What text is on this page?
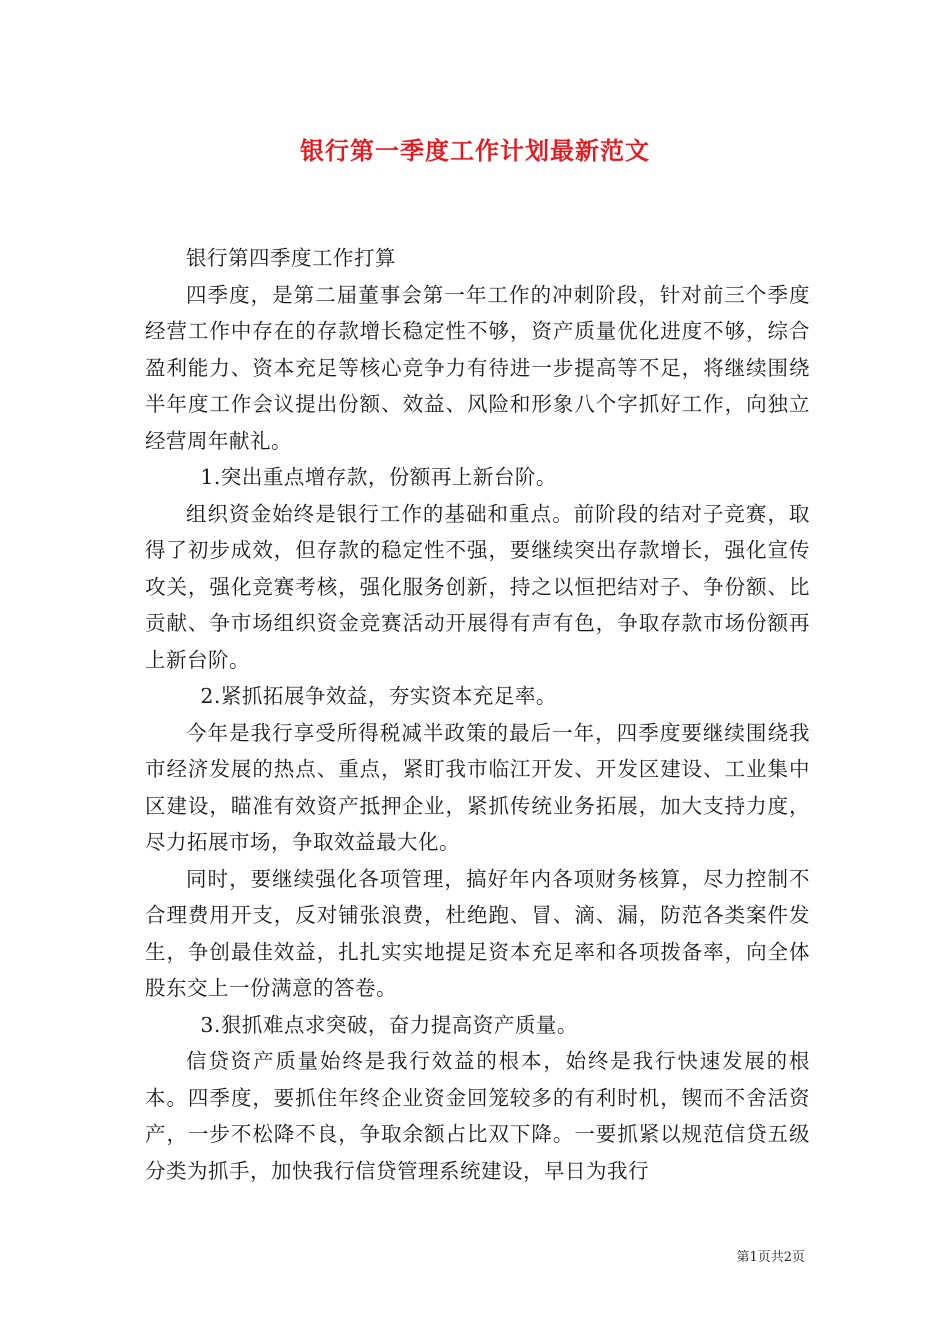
银行第一季度工作计划最新范文

银行第四季度工作打算

四季度，是第二届董事会第一年工作的冲刺阶段，针对前三个季度经营工作中存在的存款增长稳定性不够，资产质量优化进度不够，综合盈利能力、资本充足等核心竞争力有待进一步提高等不足，将继续围绕半年度工作会议提出份额、效益、风险和形象八个字抓好工作，向独立经营周年献礼。

1.突出重点增存款，份额再上新台阶。

组织资金始终是银行工作的基础和重点。前阶段的结对子竞赛，取得了初步成效，但存款的稳定性不强，要继续突出存款增长，强化宣传攻关，强化竞赛考核，强化服务创新，持之以恒把结对子、争份额、比贡献、争市场组织资金竞赛活动开展得有声有色，争取存款市场份额再上新台阶。

2.紧抓拓展争效益，夯实资本充足率。

今年是我行享受所得税减半政策的最后一年，四季度要继续围绕我市经济发展的热点、重点，紧盯我市临江开发、开发区建设、工业集中区建设，瞄准有效资产抵押企业，紧抓传统业务拓展，加大支持力度，尽力拓展市场，争取效益最大化。

同时，要继续强化各项管理，搞好年内各项财务核算，尽力控制不合理费用开支，反对铺张浪费，杜绝跑、冒、滴、漏，防范各类案件发生，争创最佳效益，扎扎实实地提足资本充足率和各项拨备率，向全体股东交上一份满意的答卷。

3.狠抓难点求突破，奋力提高资产质量。

信贷资产质量始终是我行效益的根本，始终是我行快速发展的根本。四季度，要抓住年终企业资金回笼较多的有利时机，锲而不舍活资产，一步不松降不良，争取余额占比双下降。一要抓紧以规范信贷五级分类为抓手，加快我行信贷管理系统建设，早日为我行

第1页共2页
